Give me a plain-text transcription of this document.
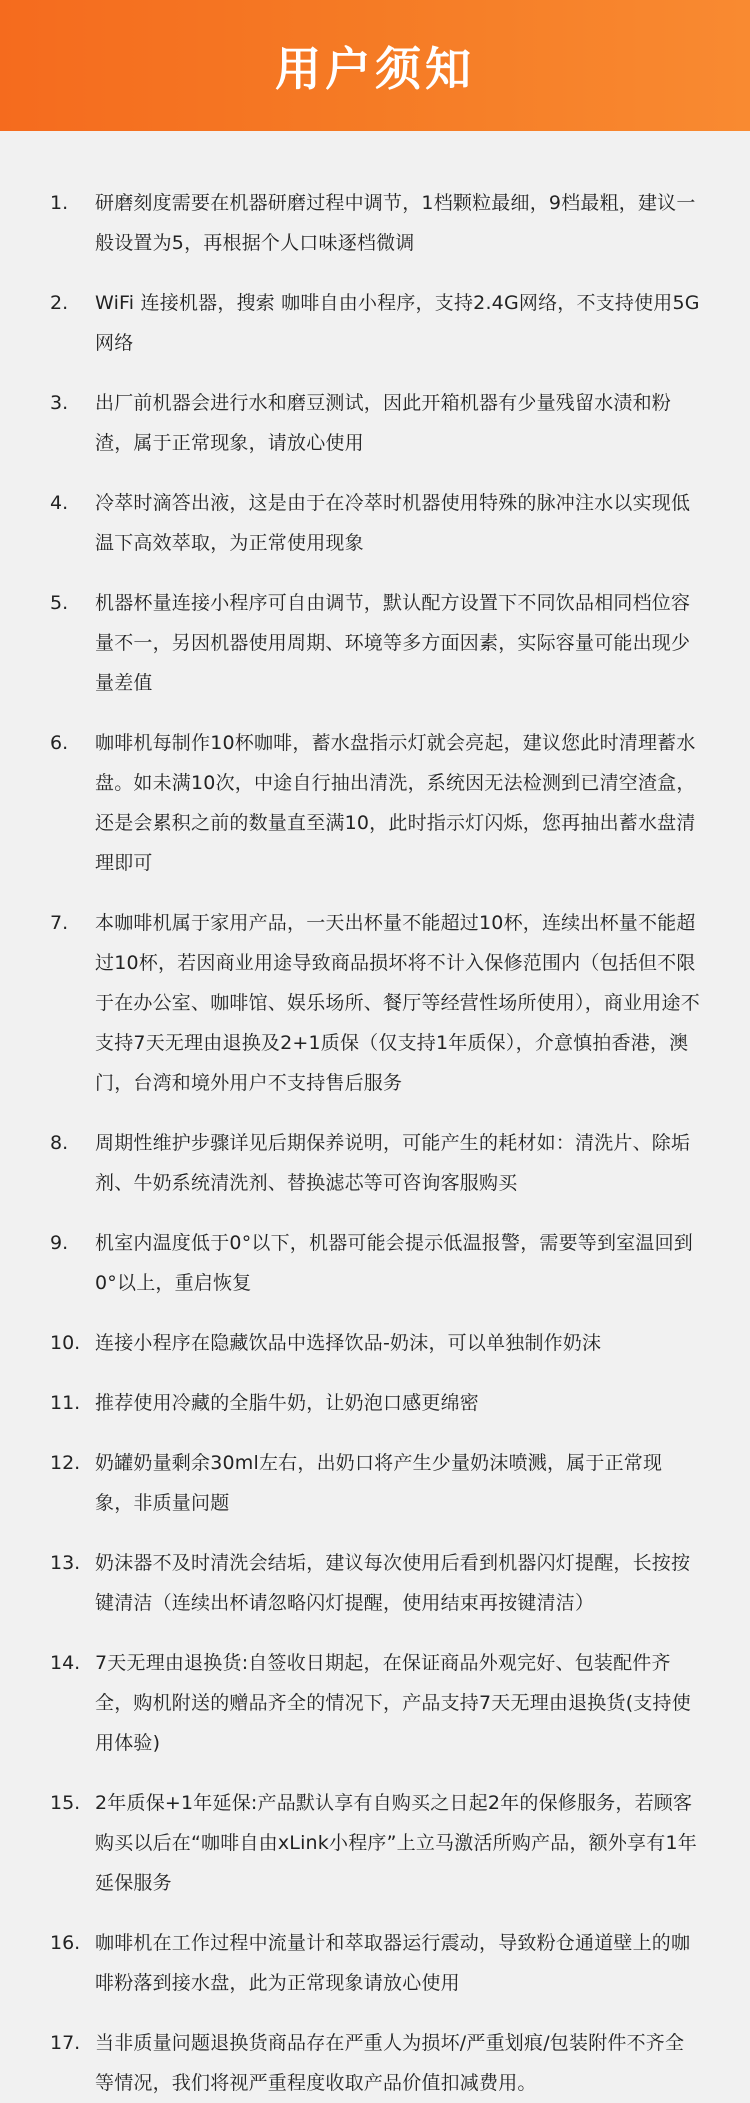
用户须知
1.	研磨刻度需要在机器研磨过程中调节，1档颗粒最细，9档最粗，建议一般设置为5，再根据个人口味逐档微调
2.	WiFi 连接机器，搜索 咖啡自由小程序，支持2.4G网络，不支持使用5G网络
3.	出厂前机器会进行水和磨豆测试，因此开箱机器有少量残留水渍和粉渣，属于正常现象，请放心使用
4.	冷萃时滴答出液，这是由于在冷萃时机器使用特殊的脉冲注水以实现低温下高效萃取，为正常使用现象
5.	机器杯量连接小程序可自由调节，默认配方设置下不同饮品相同档位容量不一，另因机器使用周期、环境等多方面因素，实际容量可能出现少量差值
6.	咖啡机每制作10杯咖啡，蓄水盘指示灯就会亮起，建议您此时清理蓄水盘。如未满10次，中途自行抽出清洗，系统因无法检测到已清空渣盒，还是会累积之前的数量直至满10，此时指示灯闪烁，您再抽出蓄水盘清理即可
7.	本咖啡机属于家用产品，一天出杯量不能超过10杯，连续出杯量不能超过10杯，若因商业用途导致商品损坏将不计入保修范围内（包括但不限于在办公室、咖啡馆、娱乐场所、餐厅等经营性场所使用），商业用途不支持7天无理由退换及2+1质保（仅支持1年质保），介意慎拍香港，澳门，台湾和境外用户不支持售后服务
8.	周期性维护步骤详见后期保养说明，可能产生的耗材如：清洗片、除垢剂、牛奶系统清洗剂、替换滤芯等可咨询客服购买
9.	机室内温度低于0°以下，机器可能会提示低温报警，需要等到室温回到0°以上，重启恢复
10. 连接小程序在隐藏饮品中选择饮品-奶沫，可以单独制作奶沫
11. 推荐使用冷藏的全脂牛奶，让奶泡口感更绵密
12. 奶罐奶量剩余30ml左右，出奶口将产生少量奶沫喷溅，属于正常现象，非质量问题
13. 奶沫器不及时清洗会结垢，建议每次使用后看到机器闪灯提醒，长按按键清洁（连续出杯请忽略闪灯提醒，使用结束再按键清洁）
14. 7天无理由退换货:自签收日期起，在保证商品外观完好、包装配件齐全，购机附送的赠品齐全的情况下，产品支持7天无理由退换货(支持使用体验)
15. 2年质保+1年延保:产品默认享有自购买之日起2年的保修服务，若顾客购买以后在“咖啡自由xLink小程序”上立马激活所购产品，额外享有1年延保服务
16. 咖啡机在工作过程中流量计和萃取器运行震动，导致粉仓通道壁上的咖啡粉落到接水盘，此为正常现象请放心使用
17. 当非质量问题退换货商品存在严重人为损坏/严重划痕/包装附件不齐全等情况，我们将视严重程度收取产品价值扣减费用。
